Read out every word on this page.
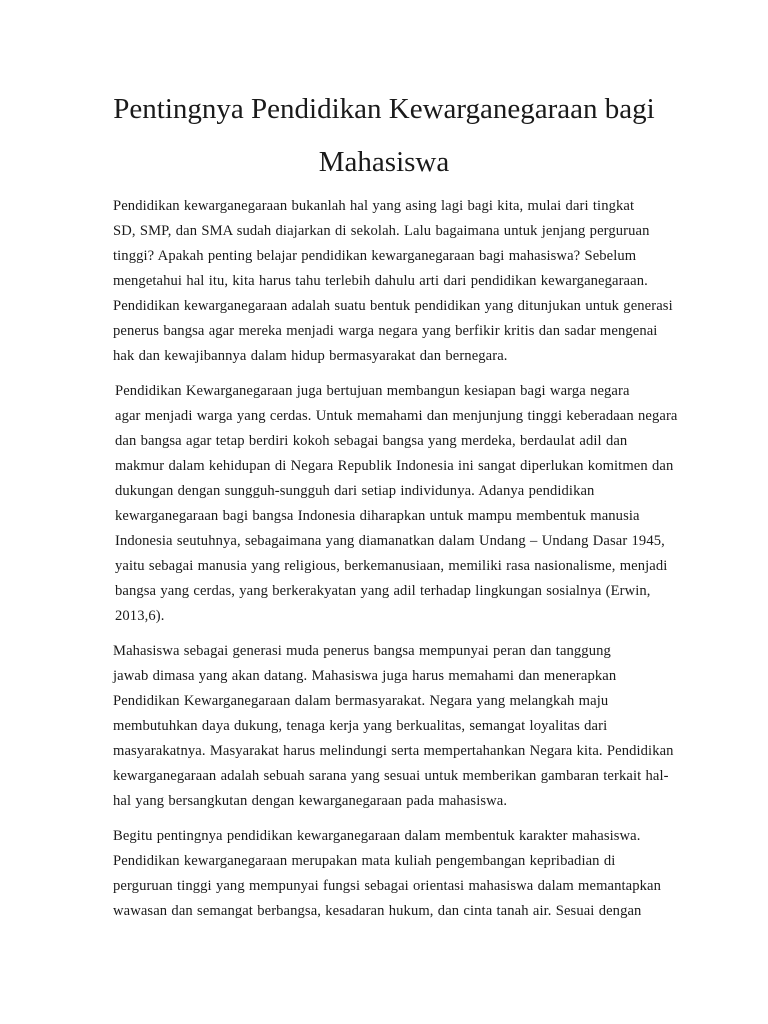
Pentingnya Pendidikan Kewarganegaraan bagi
Mahasiswa

Pendidikan kewarganegaraan bukanlah hal yang asing lagi bagi kita, mulai dari tingkat
SD, SMP, dan SMA sudah diajarkan di sekolah. Lalu bagaimana untuk jenjang perguruan
tinggi? Apakah penting belajar pendidikan kewarganegaraan bagi mahasiswa? Sebelum
mengetahui hal itu, kita harus tahu terlebih dahulu arti dari pendidikan kewarganegaraan.
Pendidikan kewarganegaraan adalah suatu bentuk pendidikan yang ditunjukan untuk generasi
penerus bangsa agar mereka menjadi warga negara yang berfikir kritis dan sadar mengenai
hak dan kewajibannya dalam hidup bermasyarakat dan bernegara.

Pendidikan Kewarganegaraan juga bertujuan membangun kesiapan bagi warga negara
agar menjadi warga yang cerdas. Untuk memahami dan menjunjung tinggi keberadaan negara
dan bangsa agar tetap berdiri kokoh sebagai bangsa yang merdeka, berdaulat adil dan
makmur dalam kehidupan di Negara Republik Indonesia ini sangat diperlukan komitmen dan
dukungan dengan sungguh-sungguh dari setiap individunya. Adanya pendidikan
kewarganegaraan bagi bangsa Indonesia diharapkan untuk mampu membentuk manusia
Indonesia seutuhnya, sebagaimana yang diamanatkan dalam Undang – Undang Dasar 1945,
yaitu sebagai manusia yang religious, berkemanusiaan, memiliki rasa nasionalisme, menjadi
bangsa yang cerdas, yang berkerakyatan yang adil terhadap lingkungan sosialnya (Erwin,
2013,6).

Mahasiswa sebagai generasi muda penerus bangsa mempunyai peran dan tanggung
jawab dimasa yang akan datang. Mahasiswa juga harus memahami dan menerapkan
Pendidikan Kewarganegaraan dalam bermasyarakat. Negara yang melangkah maju
membutuhkan daya dukung, tenaga kerja yang berkualitas, semangat loyalitas dari
masyarakatnya. Masyarakat harus melindungi serta mempertahankan Negara kita. Pendidikan
kewarganegaraan adalah sebuah sarana yang sesuai untuk memberikan gambaran terkait hal-
hal yang bersangkutan dengan kewarganegaraan pada mahasiswa.

Begitu pentingnya pendidikan kewarganegaraan dalam membentuk karakter mahasiswa.
Pendidikan kewarganegaraan merupakan mata kuliah pengembangan kepribadian di
perguruan tinggi yang mempunyai fungsi sebagai orientasi mahasiswa dalam memantapkan
wawasan dan semangat berbangsa, kesadaran hukum, dan cinta tanah air. Sesuai dengan
